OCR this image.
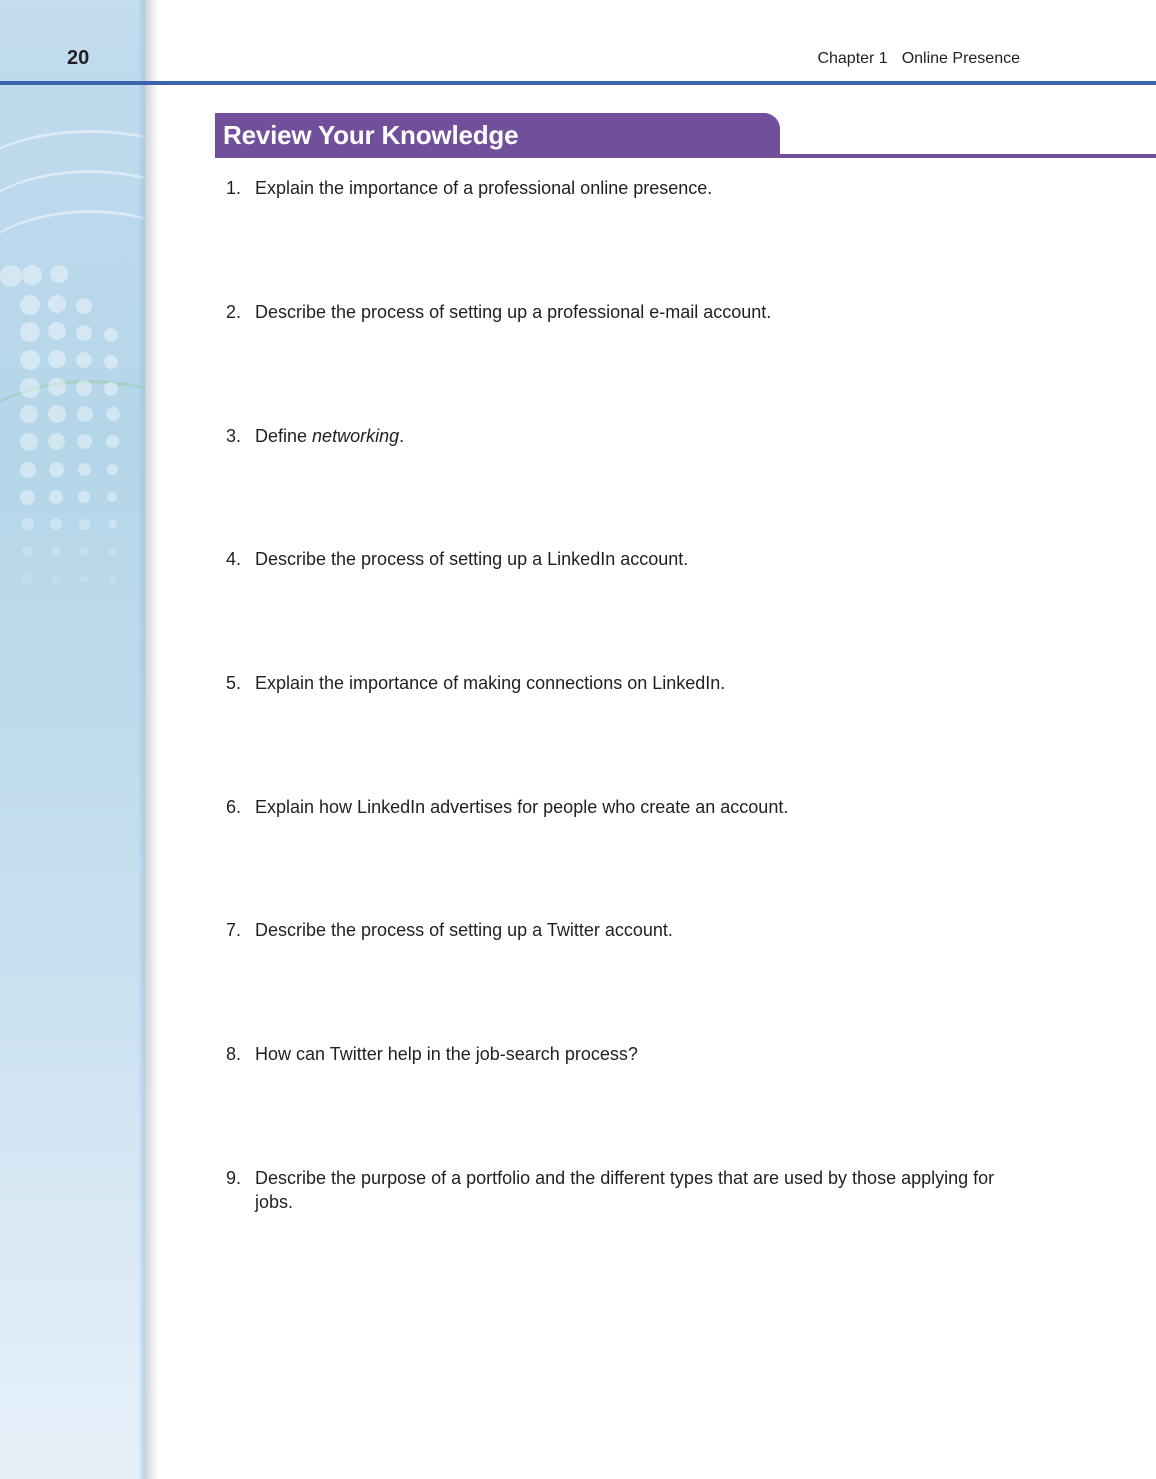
20	Chapter 1 Online Presence
Review Your Knowledge
1. Explain the importance of a professional online presence.
2. Describe the process of setting up a professional e-mail account.
3. Define networking.
4. Describe the process of setting up a LinkedIn account.
5. Explain the importance of making connections on LinkedIn.
6. Explain how LinkedIn advertises for people who create an account.
7. Describe the process of setting up a Twitter account.
8. How can Twitter help in the job-search process?
9. Describe the purpose of a portfolio and the different types that are used by those applying for jobs.
